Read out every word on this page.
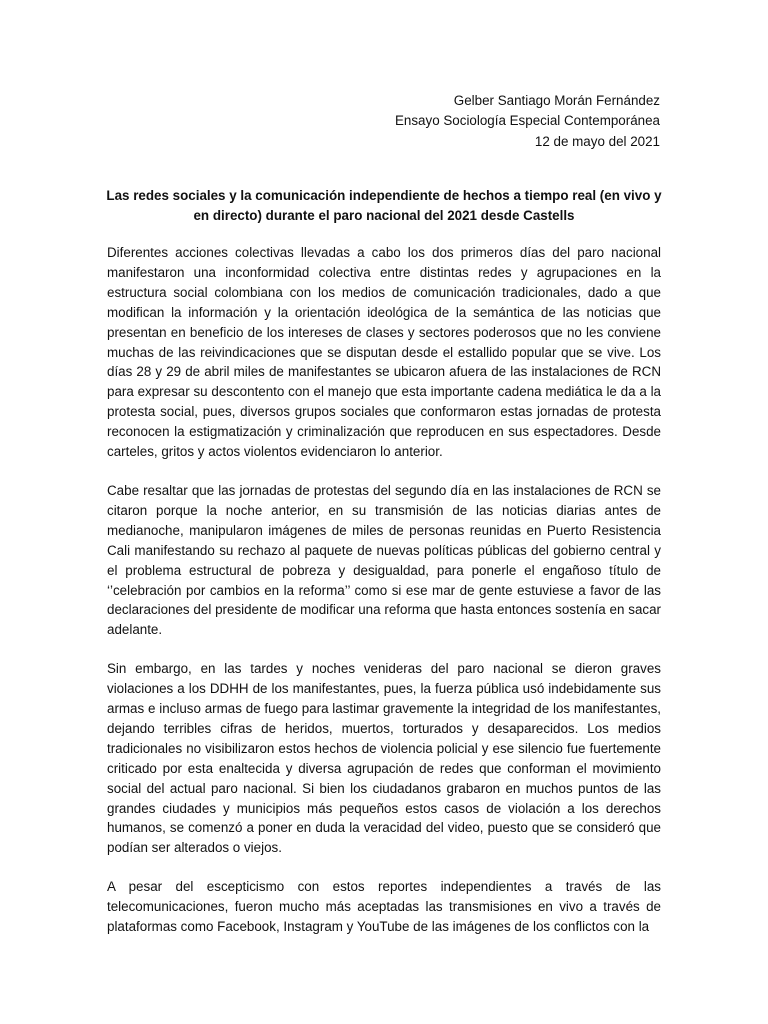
Gelber Santiago Morán Fernández
Ensayo Sociología Especial Contemporánea
12 de mayo del 2021
Las redes sociales y la comunicación independiente de hechos a tiempo real (en vivo y en directo) durante el paro nacional del 2021 desde Castells

Diferentes acciones colectivas llevadas a cabo los dos primeros días del paro nacional manifestaron una inconformidad colectiva entre distintas redes y agrupaciones en la estructura social colombiana con los medios de comunicación tradicionales, dado a que modifican la información y la orientación ideológica de la semántica de las noticias que presentan en beneficio de los intereses de clases y sectores poderosos que no les conviene muchas de las reivindicaciones que se disputan desde el estallido popular que se vive. Los días 28 y 29 de abril miles de manifestantes se ubicaron afuera de las instalaciones de RCN para expresar su descontento con el manejo que esta importante cadena mediática le da a la protesta social, pues, diversos grupos sociales que conformaron estas jornadas de protesta reconocen la estigmatización y criminalización que reproducen en sus espectadores. Desde carteles, gritos y actos violentos evidenciaron lo anterior.

Cabe resaltar que las jornadas de protestas del segundo día en las instalaciones de RCN se citaron porque la noche anterior, en su transmisión de las noticias diarias antes de medianoche, manipularon imágenes de miles de personas reunidas en Puerto Resistencia Cali manifestando su rechazo al paquete de nuevas políticas públicas del gobierno central y el problema estructural de pobreza y desigualdad, para ponerle el engañoso título de ‘’celebración por cambios en la reforma’’ como si ese mar de gente estuviese a favor de las declaraciones del presidente de modificar una reforma que hasta entonces sostenía en sacar adelante.

Sin embargo, en las tardes y noches venideras del paro nacional se dieron graves violaciones a los DDHH de los manifestantes, pues, la fuerza pública usó indebidamente sus armas e incluso armas de fuego para lastimar gravemente la integridad de los manifestantes, dejando terribles cifras de heridos, muertos, torturados y desaparecidos. Los medios tradicionales no visibilizaron estos hechos de violencia policial y ese silencio fue fuertemente criticado por esta enaltecida y diversa agrupación de redes que conforman el movimiento social del actual paro nacional. Si bien los ciudadanos grabaron en muchos puntos de las grandes ciudades y municipios más pequeños estos casos de violación a los derechos humanos, se comenzó a poner en duda la veracidad del video, puesto que se consideró que podían ser alterados o viejos.

A pesar del escepticismo con estos reportes independientes a través de las telecomunicaciones, fueron mucho más aceptadas las transmisiones en vivo a través de plataformas como Facebook, Instagram y YouTube de las imágenes de los conflictos con la
